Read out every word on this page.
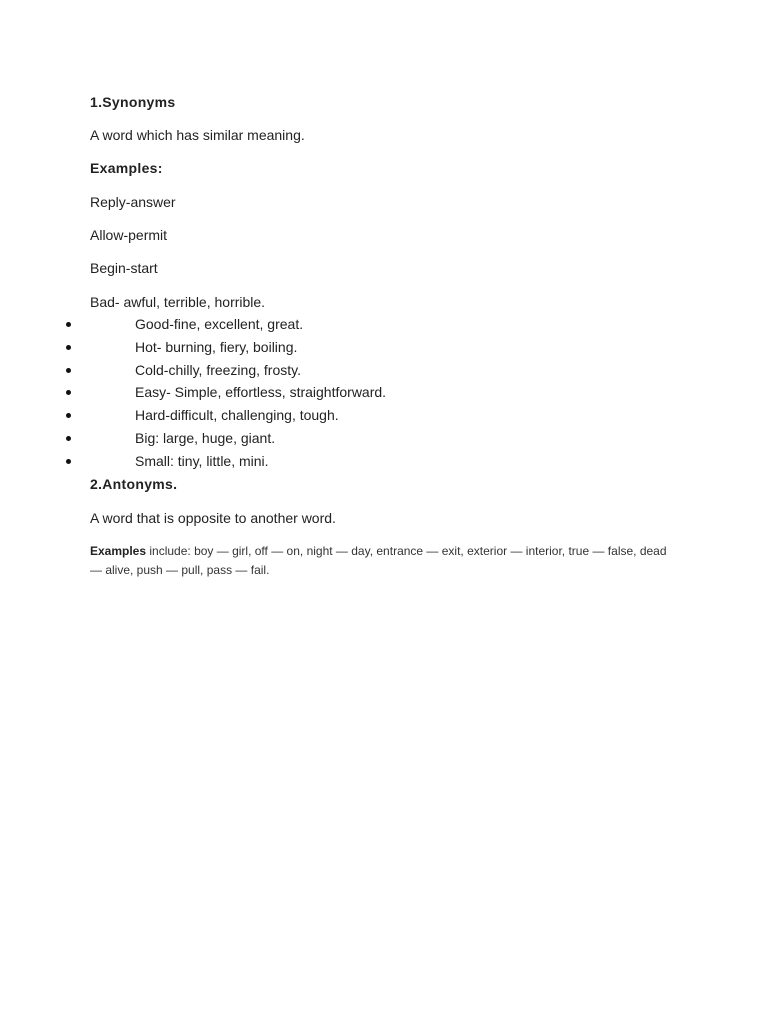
1.Synonyms
A word which has similar meaning.
Examples:
Reply-answer
Allow-permit
Begin-start
Bad- awful, terrible, horrible.
Good-fine, excellent, great.
Hot- burning, fiery, boiling.
Cold-chilly, freezing, frosty.
Easy- Simple, effortless, straightforward.
Hard-difficult, challenging, tough.
Big: large, huge, giant.
Small: tiny, little, mini.
2.Antonyms.
A word that is opposite to another word.
Examples include: boy — girl, off — on, night — day, entrance — exit, exterior — interior, true — false, dead — alive, push — pull, pass — fail.
